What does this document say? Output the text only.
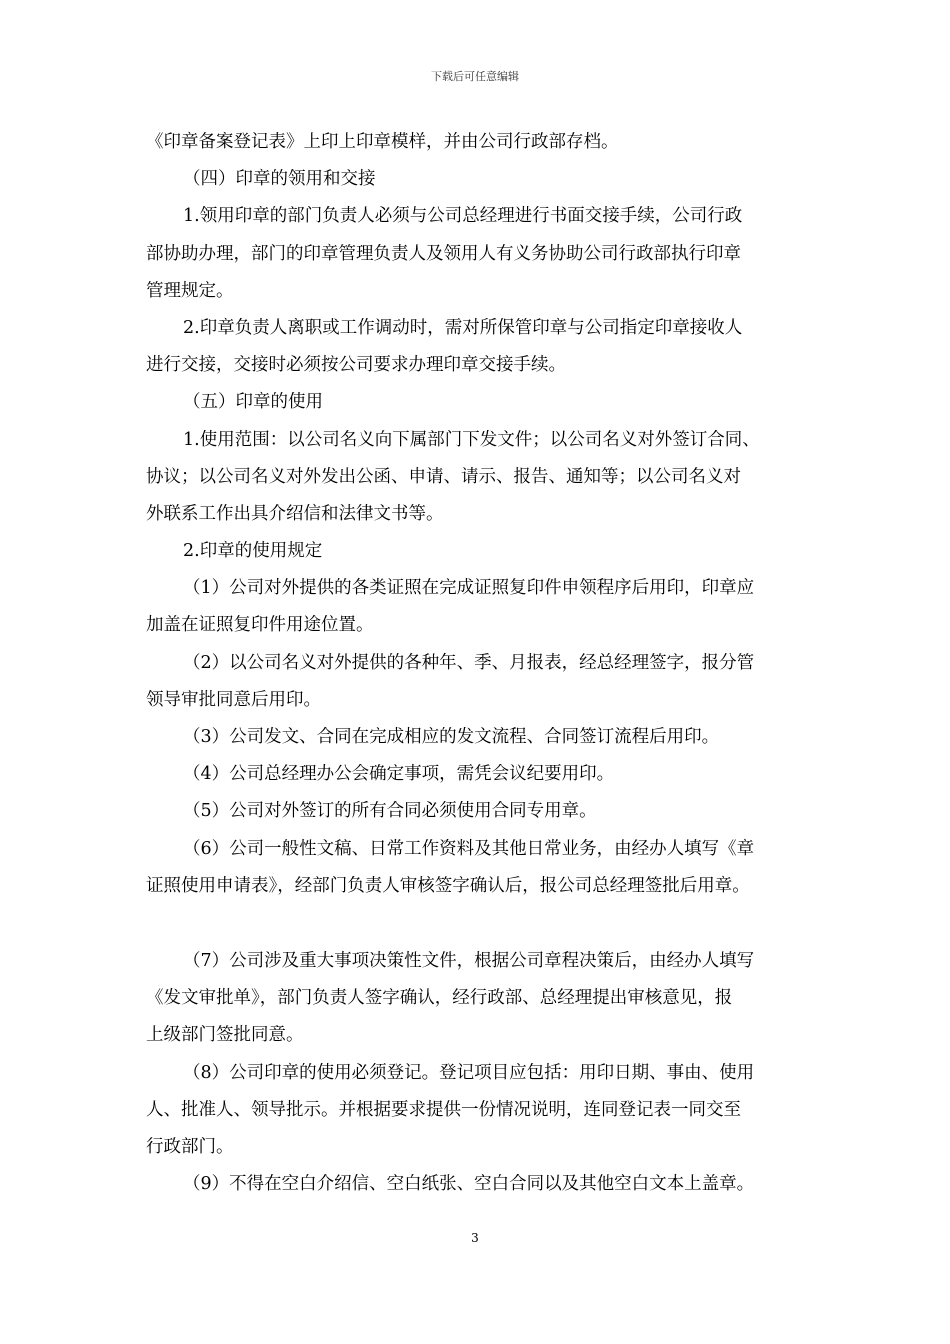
下载后可任意编辑
《印章备案登记表》上印上印章模样，并由公司行政部存档。
（四）印章的领用和交接
1.领用印章的部门负责人必须与公司总经理进行书面交接手续，公司行政
部协助办理，部门的印章管理负责人及领用人有义务协助公司行政部执行印章
管理规定。
2.印章负责人离职或工作调动时，需对所保管印章与公司指定印章接收人
进行交接，交接时必须按公司要求办理印章交接手续。
（五）印章的使用
1.使用范围：以公司名义向下属部门下发文件；以公司名义对外签订合同、
协议；以公司名义对外发出公函、申请、请示、报告、通知等；以公司名义对
外联系工作出具介绍信和法律文书等。
2.印章的使用规定
（1）公司对外提供的各类证照在完成证照复印件申领程序后用印，印章应
加盖在证照复印件用途位置。
（2）以公司名义对外提供的各种年、季、月报表，经总经理签字，报分管
领导审批同意后用印。
（3）公司发文、合同在完成相应的发文流程、合同签订流程后用印。
（4）公司总经理办公会确定事项，需凭会议纪要用印。
（5）公司对外签订的所有合同必须使用合同专用章。
（6）公司一般性文稿、日常工作资料及其他日常业务，由经办人填写《章
证照使用申请表》，经部门负责人审核签字确认后，报公司总经理签批后用章。
（7）公司涉及重大事项决策性文件，根据公司章程决策后，由经办人填写
《发文审批单》，部门负责人签字确认，经行政部、总经理提出审核意见，报
上级部门签批同意。
（8）公司印章的使用必须登记。登记项目应包括：用印日期、事由、使用
人、批准人、领导批示。并根据要求提供一份情况说明，连同登记表一同交至
行政部门。
（9）不得在空白介绍信、空白纸张、空白合同以及其他空白文本上盖章。
3
